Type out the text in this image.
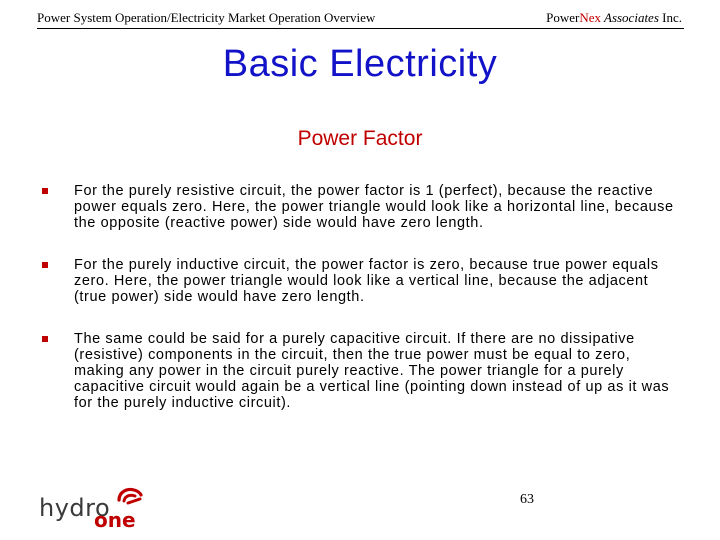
Power System Operation/Electricity Market Operation Overview	PowerNex Associates Inc.
Basic Electricity
Power Factor
For the purely resistive circuit, the power factor is 1 (perfect), because the reactive power equals zero. Here, the power triangle would look like a horizontal line, because the opposite (reactive power) side would have zero length.
For the purely inductive circuit, the power factor is zero, because true power equals zero. Here, the power triangle would look like a vertical line, because the adjacent (true power) side would have zero length.
The same could be said for a purely capacitive circuit. If there are no dissipative (resistive) components in the circuit, then the true power must be equal to zero, making any power in the circuit purely reactive. The power triangle for a purely capacitive circuit would again be a vertical line (pointing down instead of up as it was for the purely inductive circuit).
hydro
one
63
